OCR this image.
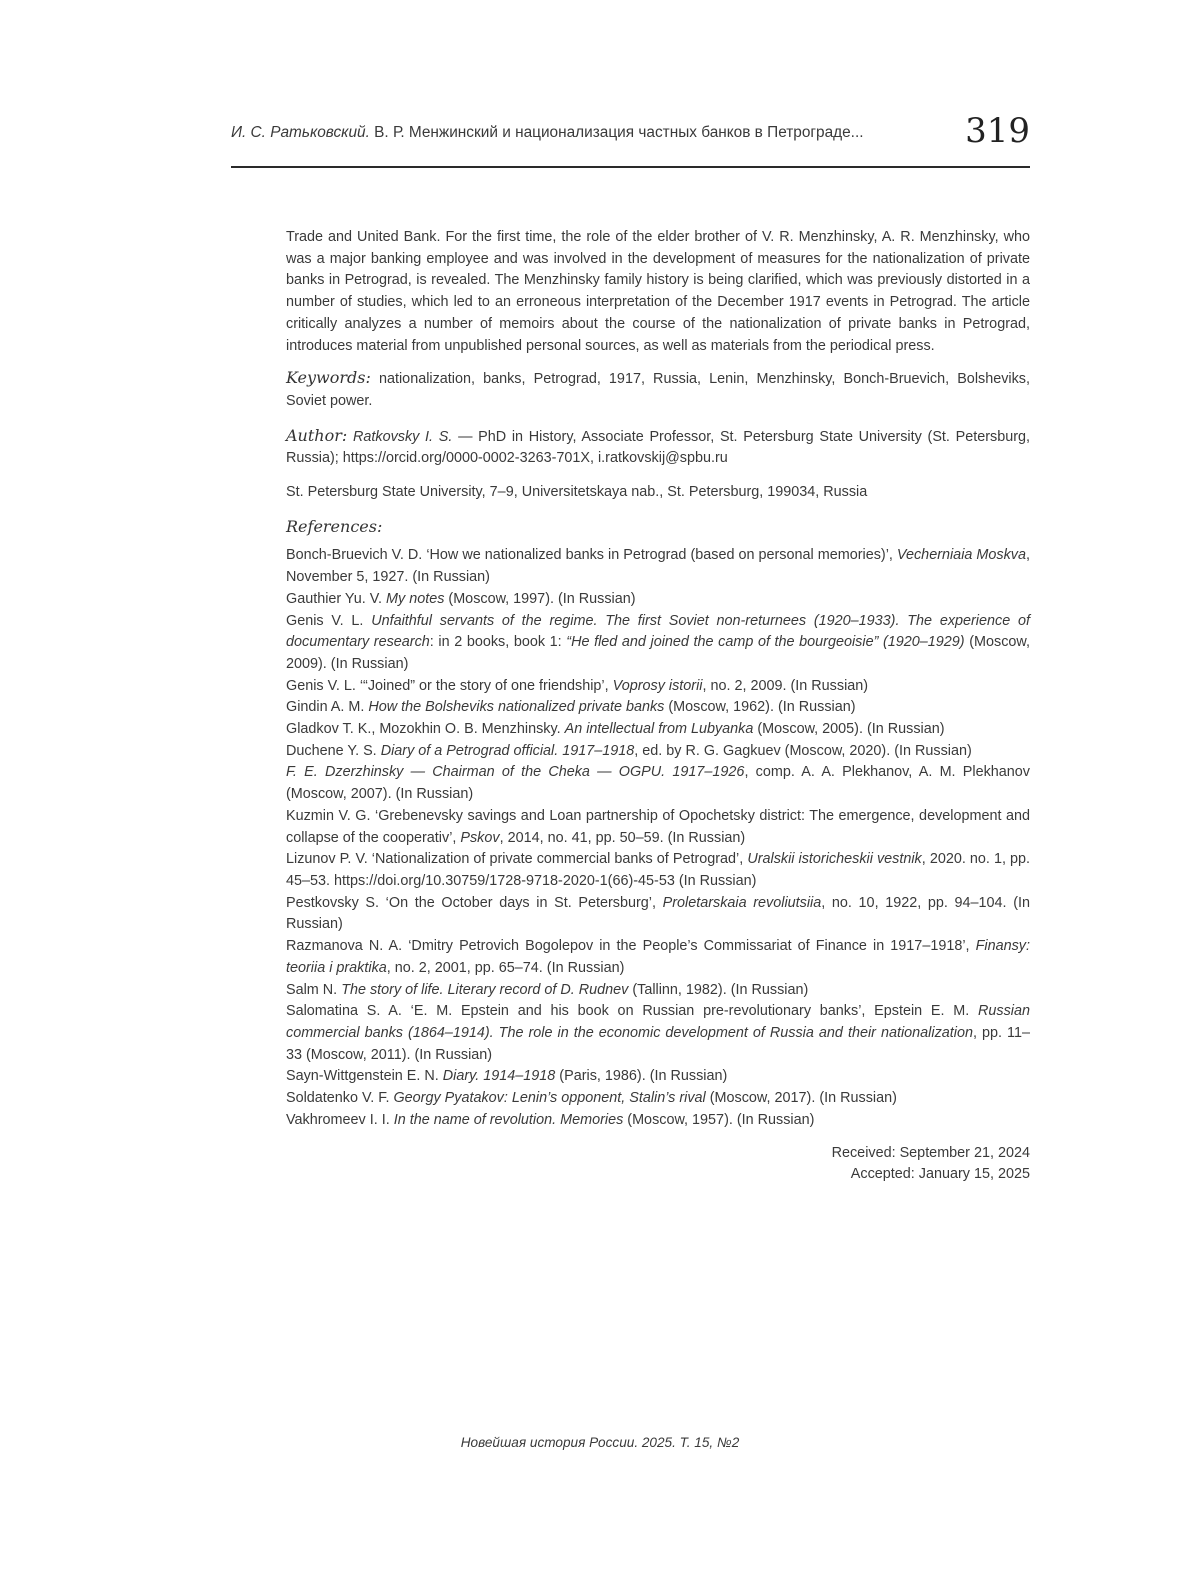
И. С. Ратьковский. В. Р. Менжинский и национализация частных банков в Петрограде...	319

Trade and United Bank. For the first time, the role of the elder brother of V. R. Menzhinsky, A. R. Menzhinsky, who was a major banking employee and was involved in the development of measures for the nationalization of private banks in Petrograd, is revealed. The Menzhinsky family history is being clarified, which was previously distorted in a number of studies, which led to an erroneous interpretation of the December 1917 events in Petrograd. The article critically analyzes a number of memoirs about the course of the nationalization of private banks in Petrograd, introduces material from unpublished personal sources, as well as materials from the periodical press.

Keywords: nationalization, banks, Petrograd, 1917, Russia, Lenin, Menzhinsky, Bonch-Bruevich, Bolsheviks, Soviet power.

Author: Ratkovsky I. S. — PhD in History, Associate Professor, St. Petersburg State University (St. Petersburg, Russia); https://orcid.org/0000-0002-3263-701X, i.ratkovskij@spbu.ru

St. Petersburg State University, 7–9, Universitetskaya nab., St. Petersburg, 199034, Russia

References:

Bonch-Bruevich V. D. ‘How we nationalized banks in Petrograd (based on personal memories)’, Vecherniaia Moskva, November 5, 1927. (In Russian)

Gauthier Yu. V. My notes (Moscow, 1997). (In Russian)

Genis V. L. Unfaithful servants of the regime. The first Soviet non-returnees (1920–1933). The experience of documentary research: in 2 books, book 1: “He fled and joined the camp of the bourgeoisie” (1920–1929) (Moscow, 2009). (In Russian)

Genis V. L. ‘“Joined” or the story of one friendship’, Voprosy istorii, no. 2, 2009. (In Russian)

Gindin A. M. How the Bolsheviks nationalized private banks (Moscow, 1962). (In Russian)

Gladkov T. K., Mozokhin O. B. Menzhinsky. An intellectual from Lubyanka (Moscow, 2005). (In Russian)

Duchene Y. S. Diary of a Petrograd official. 1917–1918, ed. by R. G. Gagkuev (Moscow, 2020). (In Russian)

F. E. Dzerzhinsky — Chairman of the Cheka — OGPU. 1917–1926, comp. A. A. Plekhanov, A. M. Plekhanov (Moscow, 2007). (In Russian)

Kuzmin V. G. ‘Grebenevsky savings and Loan partnership of Opochetsky district: The emergence, development and collapse of the cooperativ’, Pskov, 2014, no. 41, pp. 50–59. (In Russian)

Lizunov P. V. ‘Nationalization of private commercial banks of Petrograd’, Uralskii istoricheskii vestnik, 2020. no. 1, pp. 45–53. https://doi.org/10.30759/1728-9718-2020-1(66)-45-53 (In Russian)

Pestkovsky S. ‘On the October days in St. Petersburg’, Proletarskaia revoliutsiia, no. 10, 1922, pp. 94–104. (In Russian)

Razmanova N. A. ‘Dmitry Petrovich Bogolepov in the People’s Commissariat of Finance in 1917–1918’, Finansy: teoriia i praktika, no. 2, 2001, pp. 65–74. (In Russian)

Salm N. The story of life. Literary record of D. Rudnev (Tallinn, 1982). (In Russian)

Salomatina S. A. ‘E. M. Epstein and his book on Russian pre-revolutionary banks’, Epstein E. M. Russian commercial banks (1864–1914). The role in the economic development of Russia and their nationalization, pp. 11–33 (Moscow, 2011). (In Russian)

Sayn-Wittgenstein E. N. Diary. 1914–1918 (Paris, 1986). (In Russian)

Soldatenko V. F. Georgy Pyatakov: Lenin’s opponent, Stalin’s rival (Moscow, 2017). (In Russian)

Vakhromeev I. I. In the name of revolution. Memories (Moscow, 1957). (In Russian)

Received: September 21, 2024
Accepted: January 15, 2025
Новейшая история России. 2025. Т. 15, №2
